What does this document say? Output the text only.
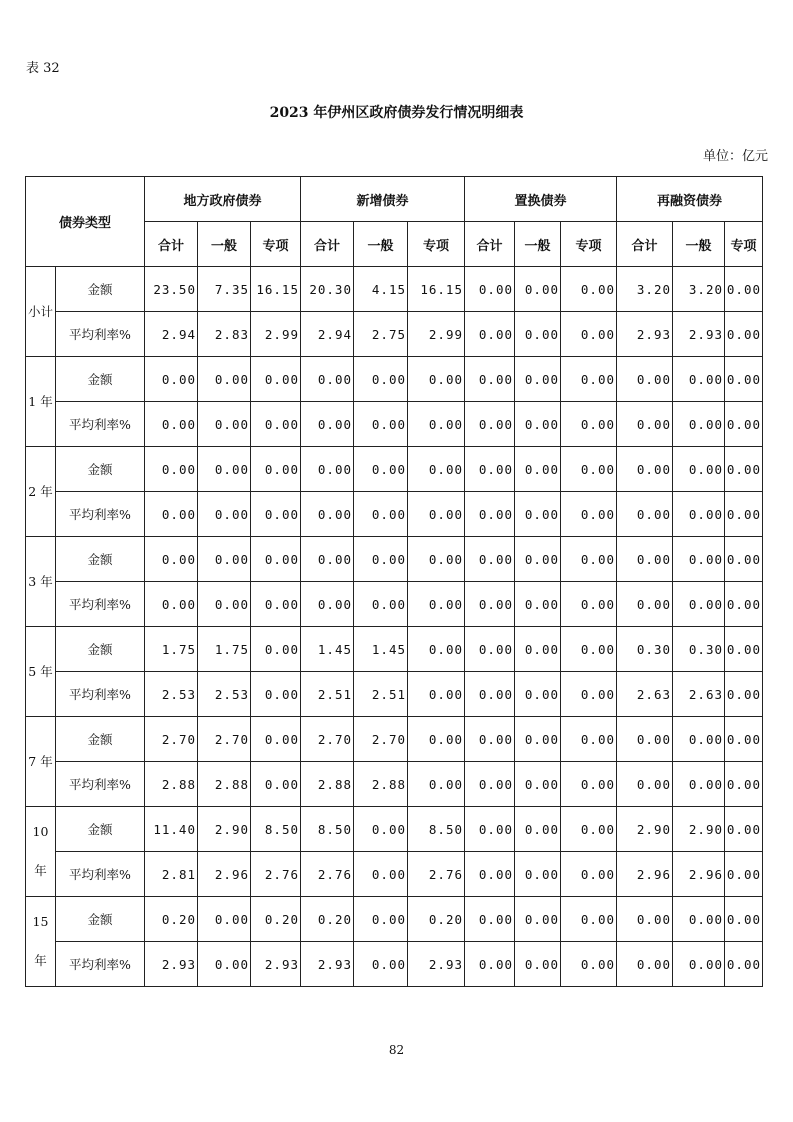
表 32
2023 年伊州区政府债券发行情况明细表
单位：亿元
债券类型		地方政府债券			新增债券			置换债券			再融资债券		
		合计	一般	专项	合计	一般	专项	合计	一般	专项	合计	一般	专项
小计	金额	23.50	7.35	16.15	20.30	4.15	16.15	0.00	0.00	0.00	3.20	3.20	0.00
	平均利率%	2.94	2.83	2.99	2.94	2.75	2.99	0.00	0.00	0.00	2.93	2.93	0.00
1 年	金额	0.00	0.00	0.00	0.00	0.00	0.00	0.00	0.00	0.00	0.00	0.00	0.00
	平均利率%	0.00	0.00	0.00	0.00	0.00	0.00	0.00	0.00	0.00	0.00	0.00	0.00
2 年	金额	0.00	0.00	0.00	0.00	0.00	0.00	0.00	0.00	0.00	0.00	0.00	0.00
	平均利率%	0.00	0.00	0.00	0.00	0.00	0.00	0.00	0.00	0.00	0.00	0.00	0.00
3 年	金额	0.00	0.00	0.00	0.00	0.00	0.00	0.00	0.00	0.00	0.00	0.00	0.00
	平均利率%	0.00	0.00	0.00	0.00	0.00	0.00	0.00	0.00	0.00	0.00	0.00	0.00
5 年	金额	1.75	1.75	0.00	1.45	1.45	0.00	0.00	0.00	0.00	0.30	0.30	0.00
	平均利率%	2.53	2.53	0.00	2.51	2.51	0.00	0.00	0.00	0.00	2.63	2.63	0.00
7 年	金额	2.70	2.70	0.00	2.70	2.70	0.00	0.00	0.00	0.00	0.00	0.00	0.00
	平均利率%	2.88	2.88	0.00	2.88	2.88	0.00	0.00	0.00	0.00	0.00	0.00	0.00

10
年	金额	11.40	2.90	8.50	8.50	0.00	8.50	0.00	0.00	0.00	2.90	2.90	0.00
	平均利率%	2.81	2.96	2.76	2.76	0.00	2.76	0.00	0.00	0.00	2.96	2.96	0.00

15
年	金额	0.20	0.00	0.20	0.20	0.00	0.20	0.00	0.00	0.00	0.00	0.00	0.00
	平均利率%	2.93	0.00	2.93	2.93	0.00	2.93	0.00	0.00	0.00	0.00	0.00	0.00
82
